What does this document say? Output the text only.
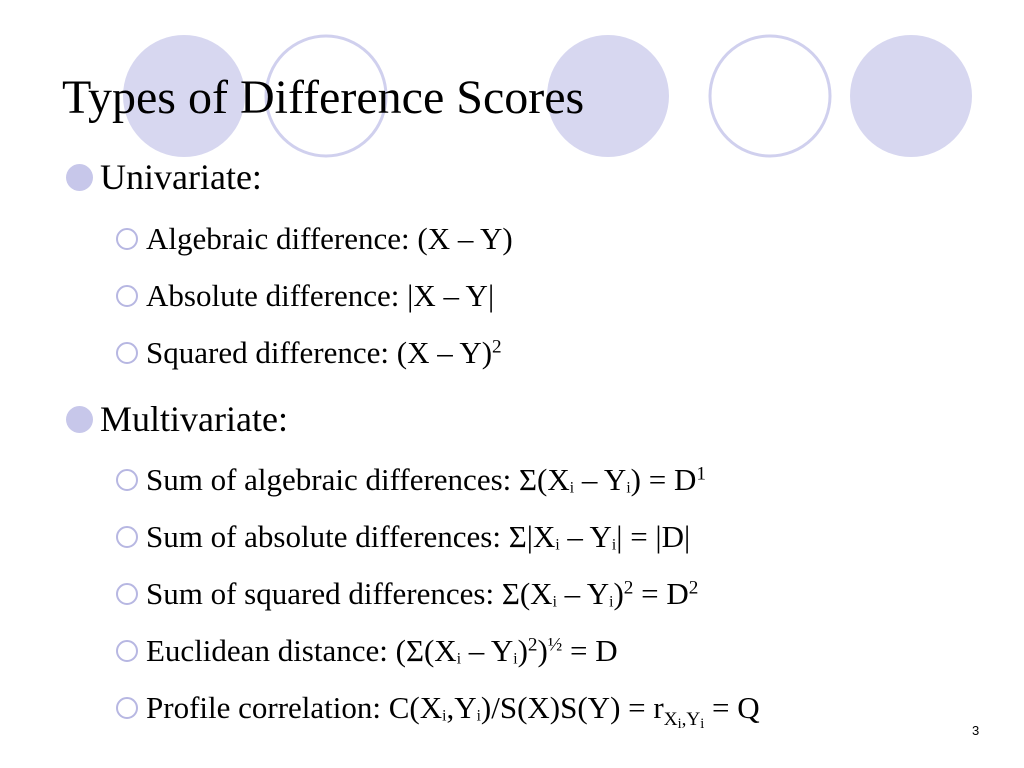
Types of Difference Scores
Univariate:
Algebraic difference: (X – Y)
Absolute difference: |X – Y|
Squared difference: (X – Y)$^2$
Multivariate:
Sum of algebraic differences: $\Sigma(X_i - Y_i) = D^1$
Sum of absolute differences: $\Sigma|X_i - Y_i| = |D|$
Sum of squared differences: $\Sigma(X_i - Y_i)^2 = D^2$
Euclidean distance: $(\Sigma(X_i - Y_i)^2)^{\frac{1}{2}} = D$
Profile correlation: $C(X_i,Y_i)/S(X)S(Y) = r_{X_i,Y_i} = Q$
3
